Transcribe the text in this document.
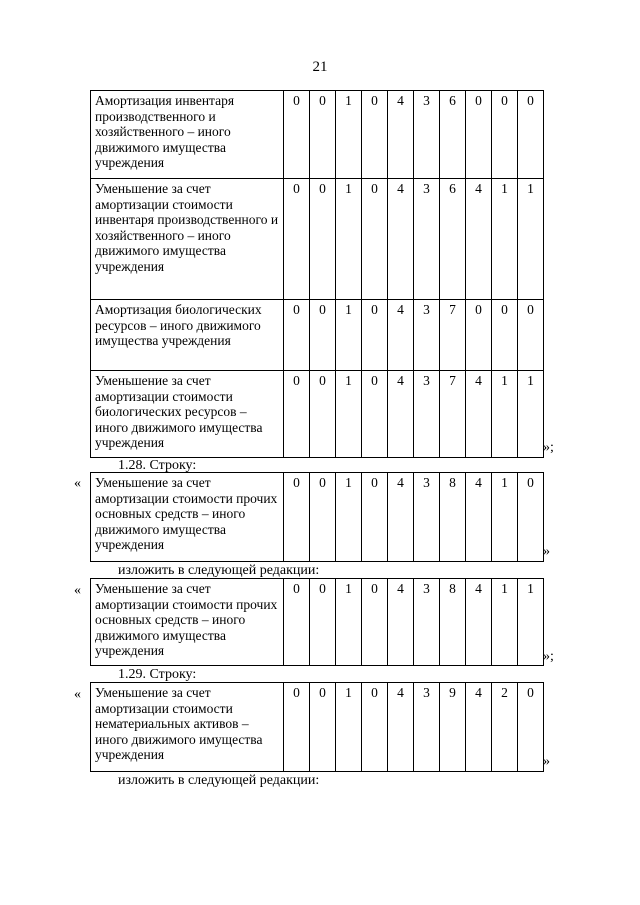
21
Амортизация инвентаря производственного и хозяйственного – иного движимого имущества учреждения	0	0	1	0	4	3	6	0	0	0
Уменьшение за счет амортизации стоимости инвентаря производственного и хозяйственного – иного движимого имущества учреждения	0	0	1	0	4	3	6	4	1	1
Амортизация биологических ресурсов – иного движимого имущества учреждения	0	0	1	0	4	3	7	0	0	0
Уменьшение за счет амортизации стоимости биологических ресурсов – иного движимого имущества учреждения	0	0	1	0	4	3	7	4	1	1
»;
1.28. Строку:
« Уменьшение за счет амортизации стоимости прочих основных средств – иного движимого имущества учреждения	0	0	1	0	4	3	8	4	1	0
»
изложить в следующей редакции:
« Уменьшение за счет амортизации стоимости прочих основных средств – иного движимого имущества учреждения	0	0	1	0	4	3	8	4	1	1
»;
1.29. Строку:
« Уменьшение за счет амортизации стоимости нематериальных активов – иного движимого имущества учреждения	0	0	1	0	4	3	9	4	2	0
»
изложить в следующей редакции:
